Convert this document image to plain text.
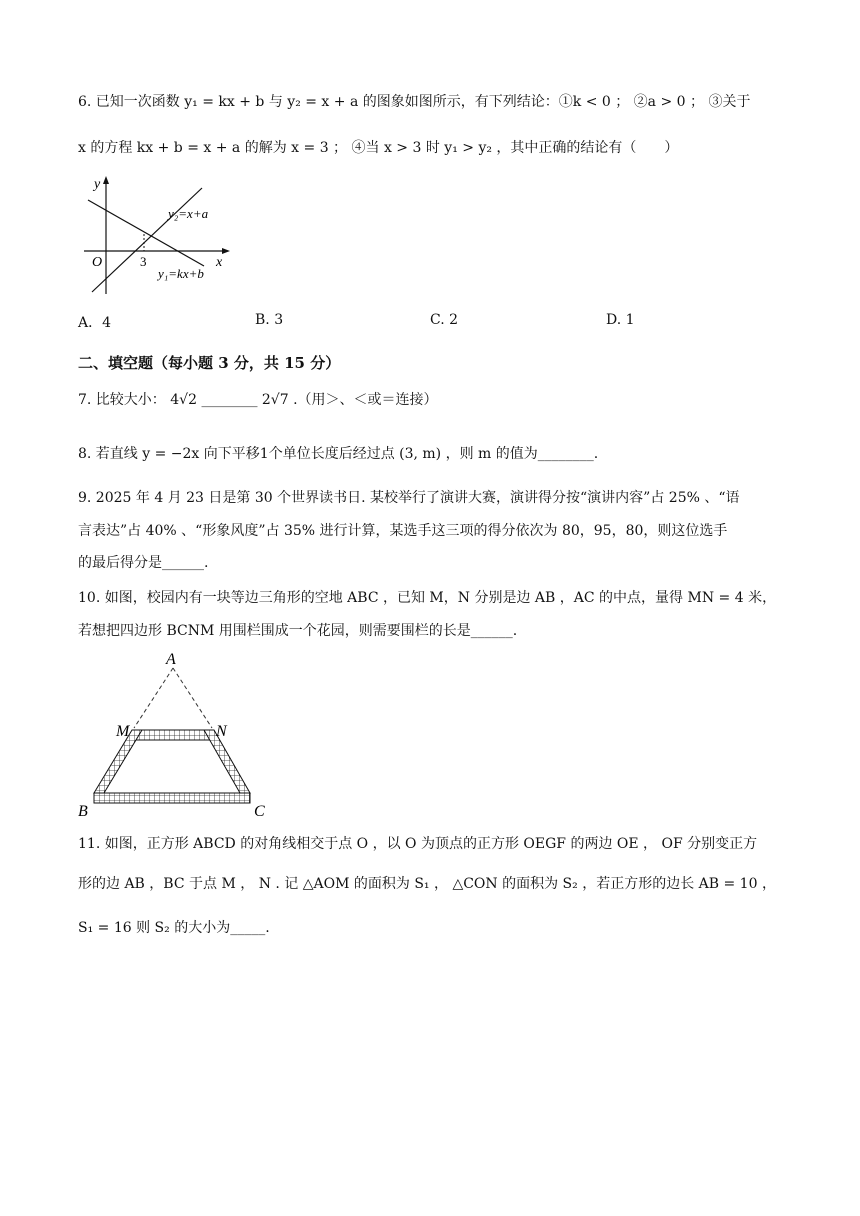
6. 已知一次函数 y₁ = kx + b 与 y₂ = x + a 的图象如图所示，有下列结论：①k < 0 ； ②a > 0 ； ③关于
x 的方程 kx + b = x + a 的解为 x = 3 ； ④当 x > 3 时 y₁ > y₂ ，其中正确的结论有（　　）
y
x
O	3
y₂=x+a
y₁=kx+b
A．4	B. 3	C. 2	D. 1
二、填空题（每小题 3 分，共 15 分）
7. 比较大小： 4√2 ________ 2√7 .（用＞、＜或＝连接）
8. 若直线 y = −2x 向下平移1个单位长度后经过点 (3, m) ，则 m 的值为________.
9. 2025 年 4 月 23 日是第 30 个世界读书日. 某校举行了演讲大赛，演讲得分按“演讲内容”占 25% 、“语
言表达”占 40% 、“形象风度”占 35% 进行计算，某选手这三项的得分依次为 80，95，80，则这位选手
的最后得分是______.
10. 如图，校园内有一块等边三角形的空地 ABC ，已知 M，N 分别是边 AB ，AC 的中点，量得 MN = 4 米，
若想把四边形 BCNM 用围栏围成一个花园，则需要围栏的长是______.
A
M	N
B	C
11. 如图，正方形 ABCD 的对角线相交于点 O ，以 O 为顶点的正方形 OEGF 的两边 OE ， OF 分别变正方
形的边 AB ，BC 于点 M ， N . 记 △AOM 的面积为 S₁ ， △CON 的面积为 S₂ ，若正方形的边长 AB = 10 ，
S₁ = 16 则 S₂ 的大小为_____.
